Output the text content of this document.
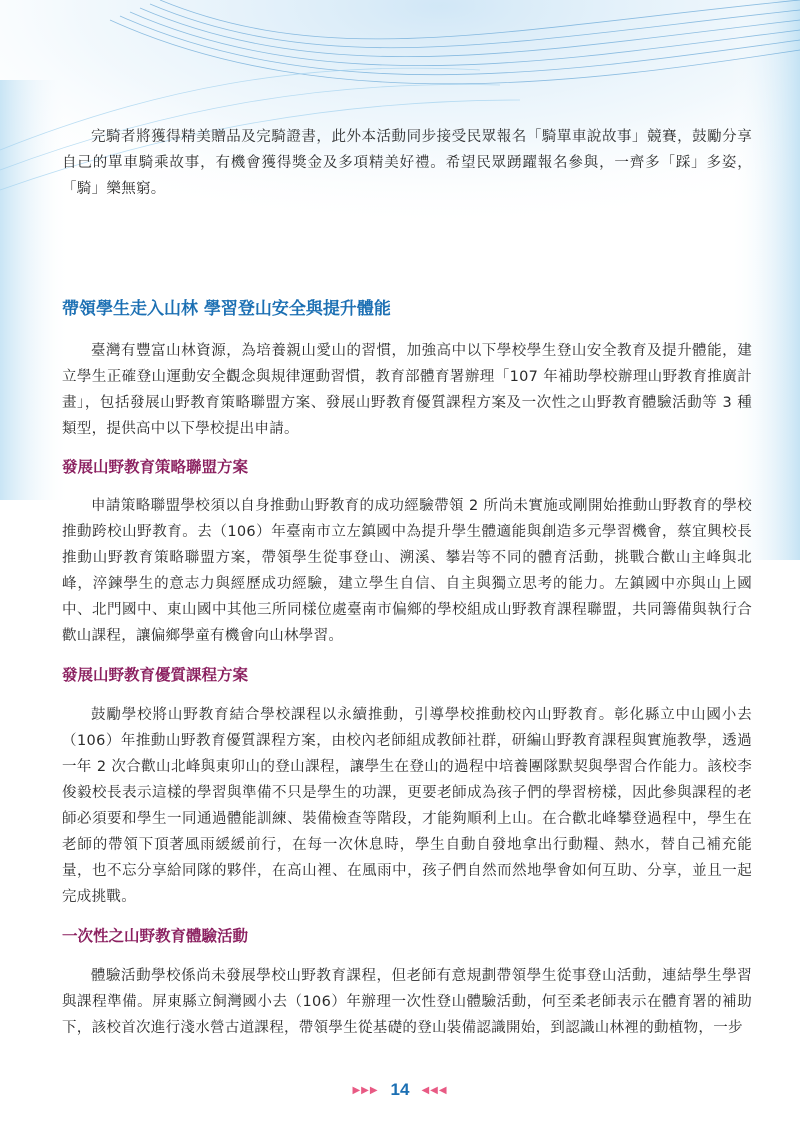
完騎者將獲得精美贈品及完騎證書，此外本活動同步接受民眾報名「騎單車說故事」競賽，鼓勵分享自己的單車騎乘故事，有機會獲得獎金及多項精美好禮。希望民眾踴躍報名參與，一齊多「踩」多姿，「騎」樂無窮。

帶領學生走入山林 學習登山安全與提升體能

臺灣有豐富山林資源，為培養親山愛山的習慣，加強高中以下學校學生登山安全教育及提升體能，建立學生正確登山運動安全觀念與規律運動習慣，教育部體育署辦理「107 年補助學校辦理山野教育推廣計畫」，包括發展山野教育策略聯盟方案、發展山野教育優質課程方案及一次性之山野教育體驗活動等 3 種類型，提供高中以下學校提出申請。

發展山野教育策略聯盟方案

申請策略聯盟學校須以自身推動山野教育的成功經驗帶領 2 所尚未實施或剛開始推動山野教育的學校推動跨校山野教育。去（106）年臺南市立左鎮國中為提升學生體適能與創造多元學習機會，蔡宜興校長推動山野教育策略聯盟方案，帶領學生從事登山、溯溪、攀岩等不同的體育活動，挑戰合歡山主峰與北峰，淬鍊學生的意志力與經歷成功經驗，建立學生自信、自主與獨立思考的能力。左鎮國中亦與山上國中、北門國中、東山國中其他三所同樣位處臺南市偏鄉的學校組成山野教育課程聯盟，共同籌備與執行合歡山課程，讓偏鄉學童有機會向山林學習。

發展山野教育優質課程方案

鼓勵學校將山野教育結合學校課程以永續推動，引導學校推動校內山野教育。彰化縣立中山國小去（106）年推動山野教育優質課程方案，由校內老師組成教師社群，研編山野教育課程與實施教學，透過一年 2 次合歡山北峰與東卯山的登山課程，讓學生在登山的過程中培養團隊默契與學習合作能力。該校李俊毅校長表示這樣的學習與準備不只是學生的功課，更要老師成為孩子們的學習榜樣，因此參與課程的老師必須要和學生一同通過體能訓練、裝備檢查等階段，才能夠順利上山。在合歡北峰攀登過程中，學生在老師的帶領下頂著風雨緩緩前行，在每一次休息時，學生自動自發地拿出行動糧、熱水，替自己補充能量，也不忘分享給同隊的夥伴，在高山裡、在風雨中，孩子們自然而然地學會如何互助、分享，並且一起完成挑戰。

一次性之山野教育體驗活動

體驗活動學校係尚未發展學校山野教育課程，但老師有意規劃帶領學生從事登山活動，連結學生學習與課程準備。屏東縣立飼灣國小去（106）年辦理一次性登山體驗活動，何至柔老師表示在體育署的補助下，該校首次進行淺水營古道課程，帶領學生從基礎的登山裝備認識開始，到認識山林裡的動植物，一步

▶▶▶ 14 ◀◀◀
